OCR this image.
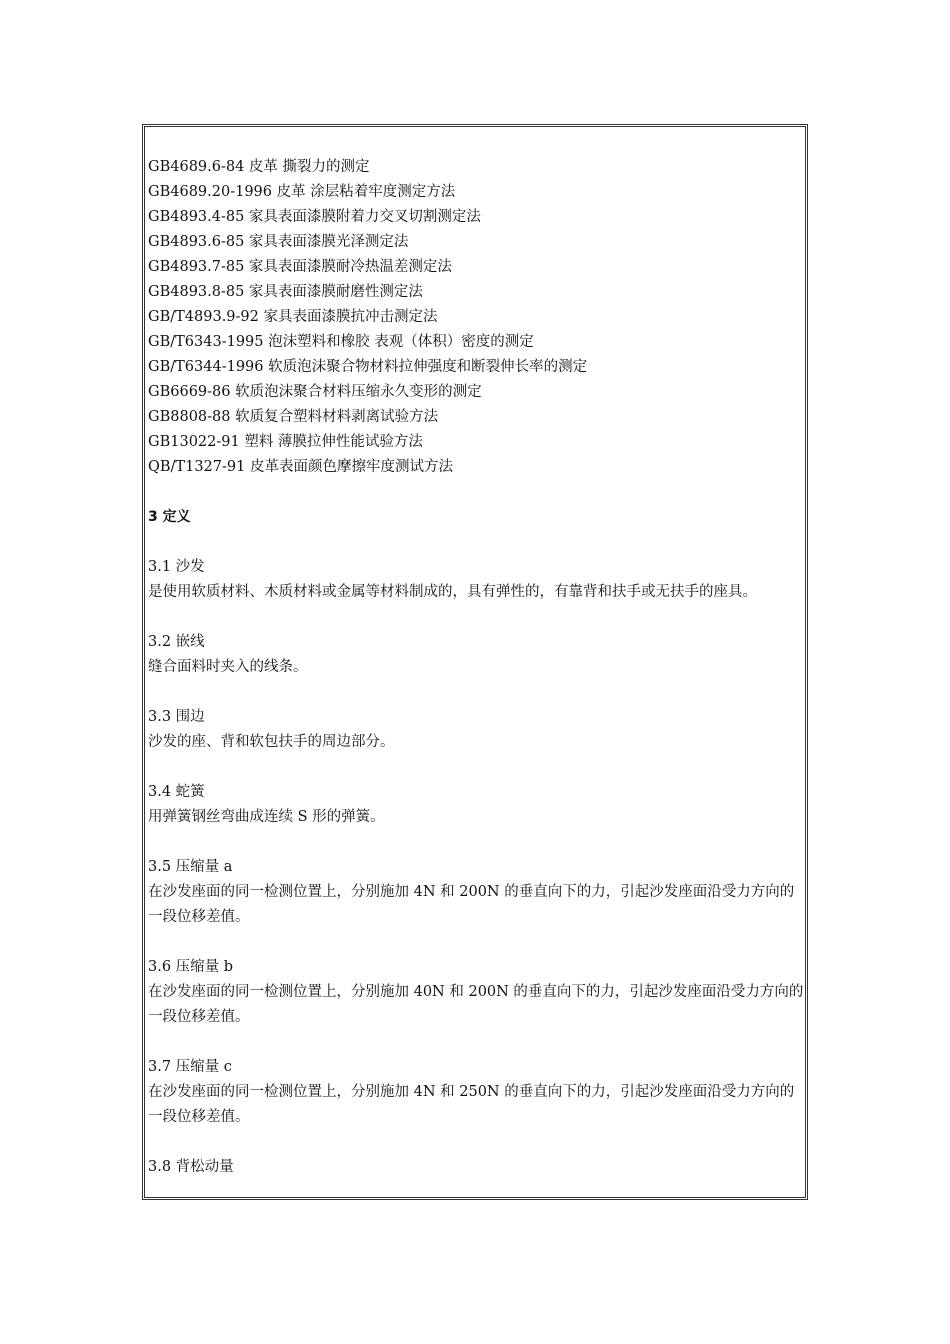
GB4689.6-84 皮革 撕裂力的测定
GB4689.20-1996 皮革 涂层粘着牢度测定方法
GB4893.4-85 家具表面漆膜附着力交叉切割测定法
GB4893.6-85 家具表面漆膜光泽测定法
GB4893.7-85 家具表面漆膜耐冷热温差测定法
GB4893.8-85 家具表面漆膜耐磨性测定法
GB/T4893.9-92 家具表面漆膜抗冲击测定法
GB/T6343-1995 泡沫塑料和橡胶 表观（体积）密度的测定
GB/T6344-1996 软质泡沫聚合物材料拉伸强度和断裂伸长率的测定
GB6669-86 软质泡沫聚合材料压缩永久变形的测定
GB8808-88 软质复合塑料材料剥离试验方法
GB13022-91 塑料 薄膜拉伸性能试验方法
QB/T1327-91 皮革表面颜色摩擦牢度测试方法
3 定义
3.1 沙发
是使用软质材料、木质材料或金属等材料制成的，具有弹性的，有靠背和扶手或无扶手的座具。
3.2 嵌线
缝合面料时夹入的线条。
3.3 围边
沙发的座、背和软包扶手的周边部分。
3.4 蛇簧
用弹簧钢丝弯曲成连续 S 形的弹簧。
3.5 压缩量 a
在沙发座面的同一检测位置上，分别施加 4N 和 200N 的垂直向下的力，引起沙发座面沿受力方向的一段位移差值。
3.6 压缩量 b
在沙发座面的同一检测位置上，分别施加 40N 和 200N 的垂直向下的力，引起沙发座面沿受力方向的一段位移差值。
3.7 压缩量 c
在沙发座面的同一检测位置上，分别施加 4N 和 250N 的垂直向下的力，引起沙发座面沿受力方向的一段位移差值。
3.8 背松动量
